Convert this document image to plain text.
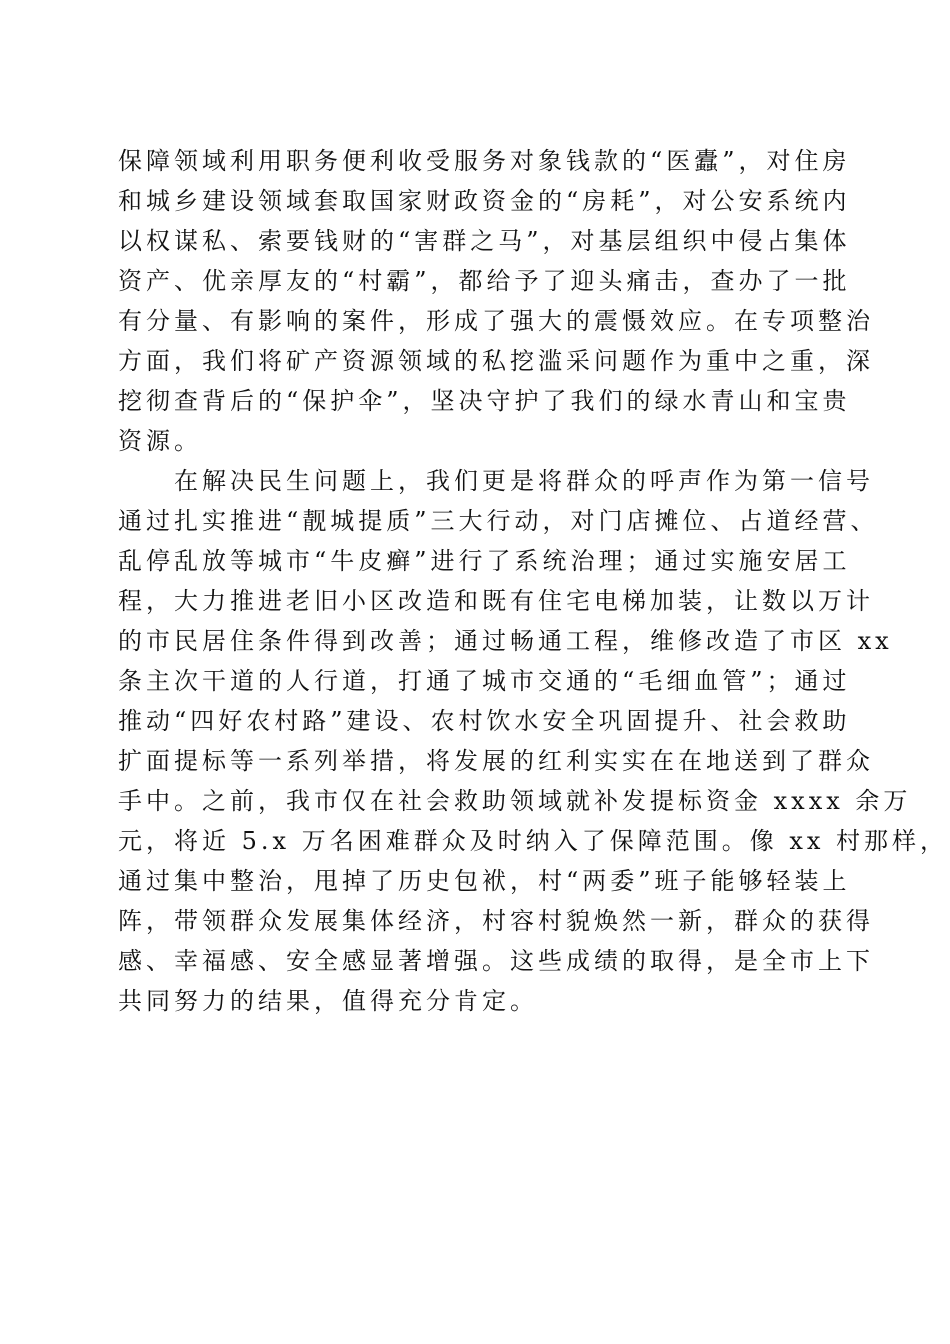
保障领域利用职务便利收受服务对象钱款的“医蠹”，对住房
和城乡建设领域套取国家财政资金的“房耗”，对公安系统内
以权谋私、索要钱财的“害群之马”，对基层组织中侵占集体
资产、优亲厚友的“村霸”，都给予了迎头痛击，查办了一批
有分量、有影响的案件，形成了强大的震慑效应。在专项整治
方面，我们将矿产资源领域的私挖滥采问题作为重中之重，深
挖彻查背后的“保护伞”，坚决守护了我们的绿水青山和宝贵
资源。
在解决民生问题上，我们更是将群众的呼声作为第一信号
通过扎实推进“靓城提质”三大行动，对门店摊位、占道经营、
乱停乱放等城市“牛皮癣”进行了系统治理；通过实施安居工
程，大力推进老旧小区改造和既有住宅电梯加装，让数以万计
的市民居住条件得到改善；通过畅通工程，维修改造了市区 xx
条主次干道的人行道，打通了城市交通的“毛细血管”；通过
推动“四好农村路”建设、农村饮水安全巩固提升、社会救助
扩面提标等一系列举措，将发展的红利实实在在地送到了群众
手中。之前，我市仅在社会救助领域就补发提标资金 xxxx 余万
元，将近 5.x 万名困难群众及时纳入了保障范围。像 xx 村那样，
通过集中整治，甩掉了历史包袱，村“两委”班子能够轻装上
阵，带领群众发展集体经济，村容村貌焕然一新，群众的获得
感、幸福感、安全感显著增强。这些成绩的取得，是全市上下
共同努力的结果，值得充分肯定。
